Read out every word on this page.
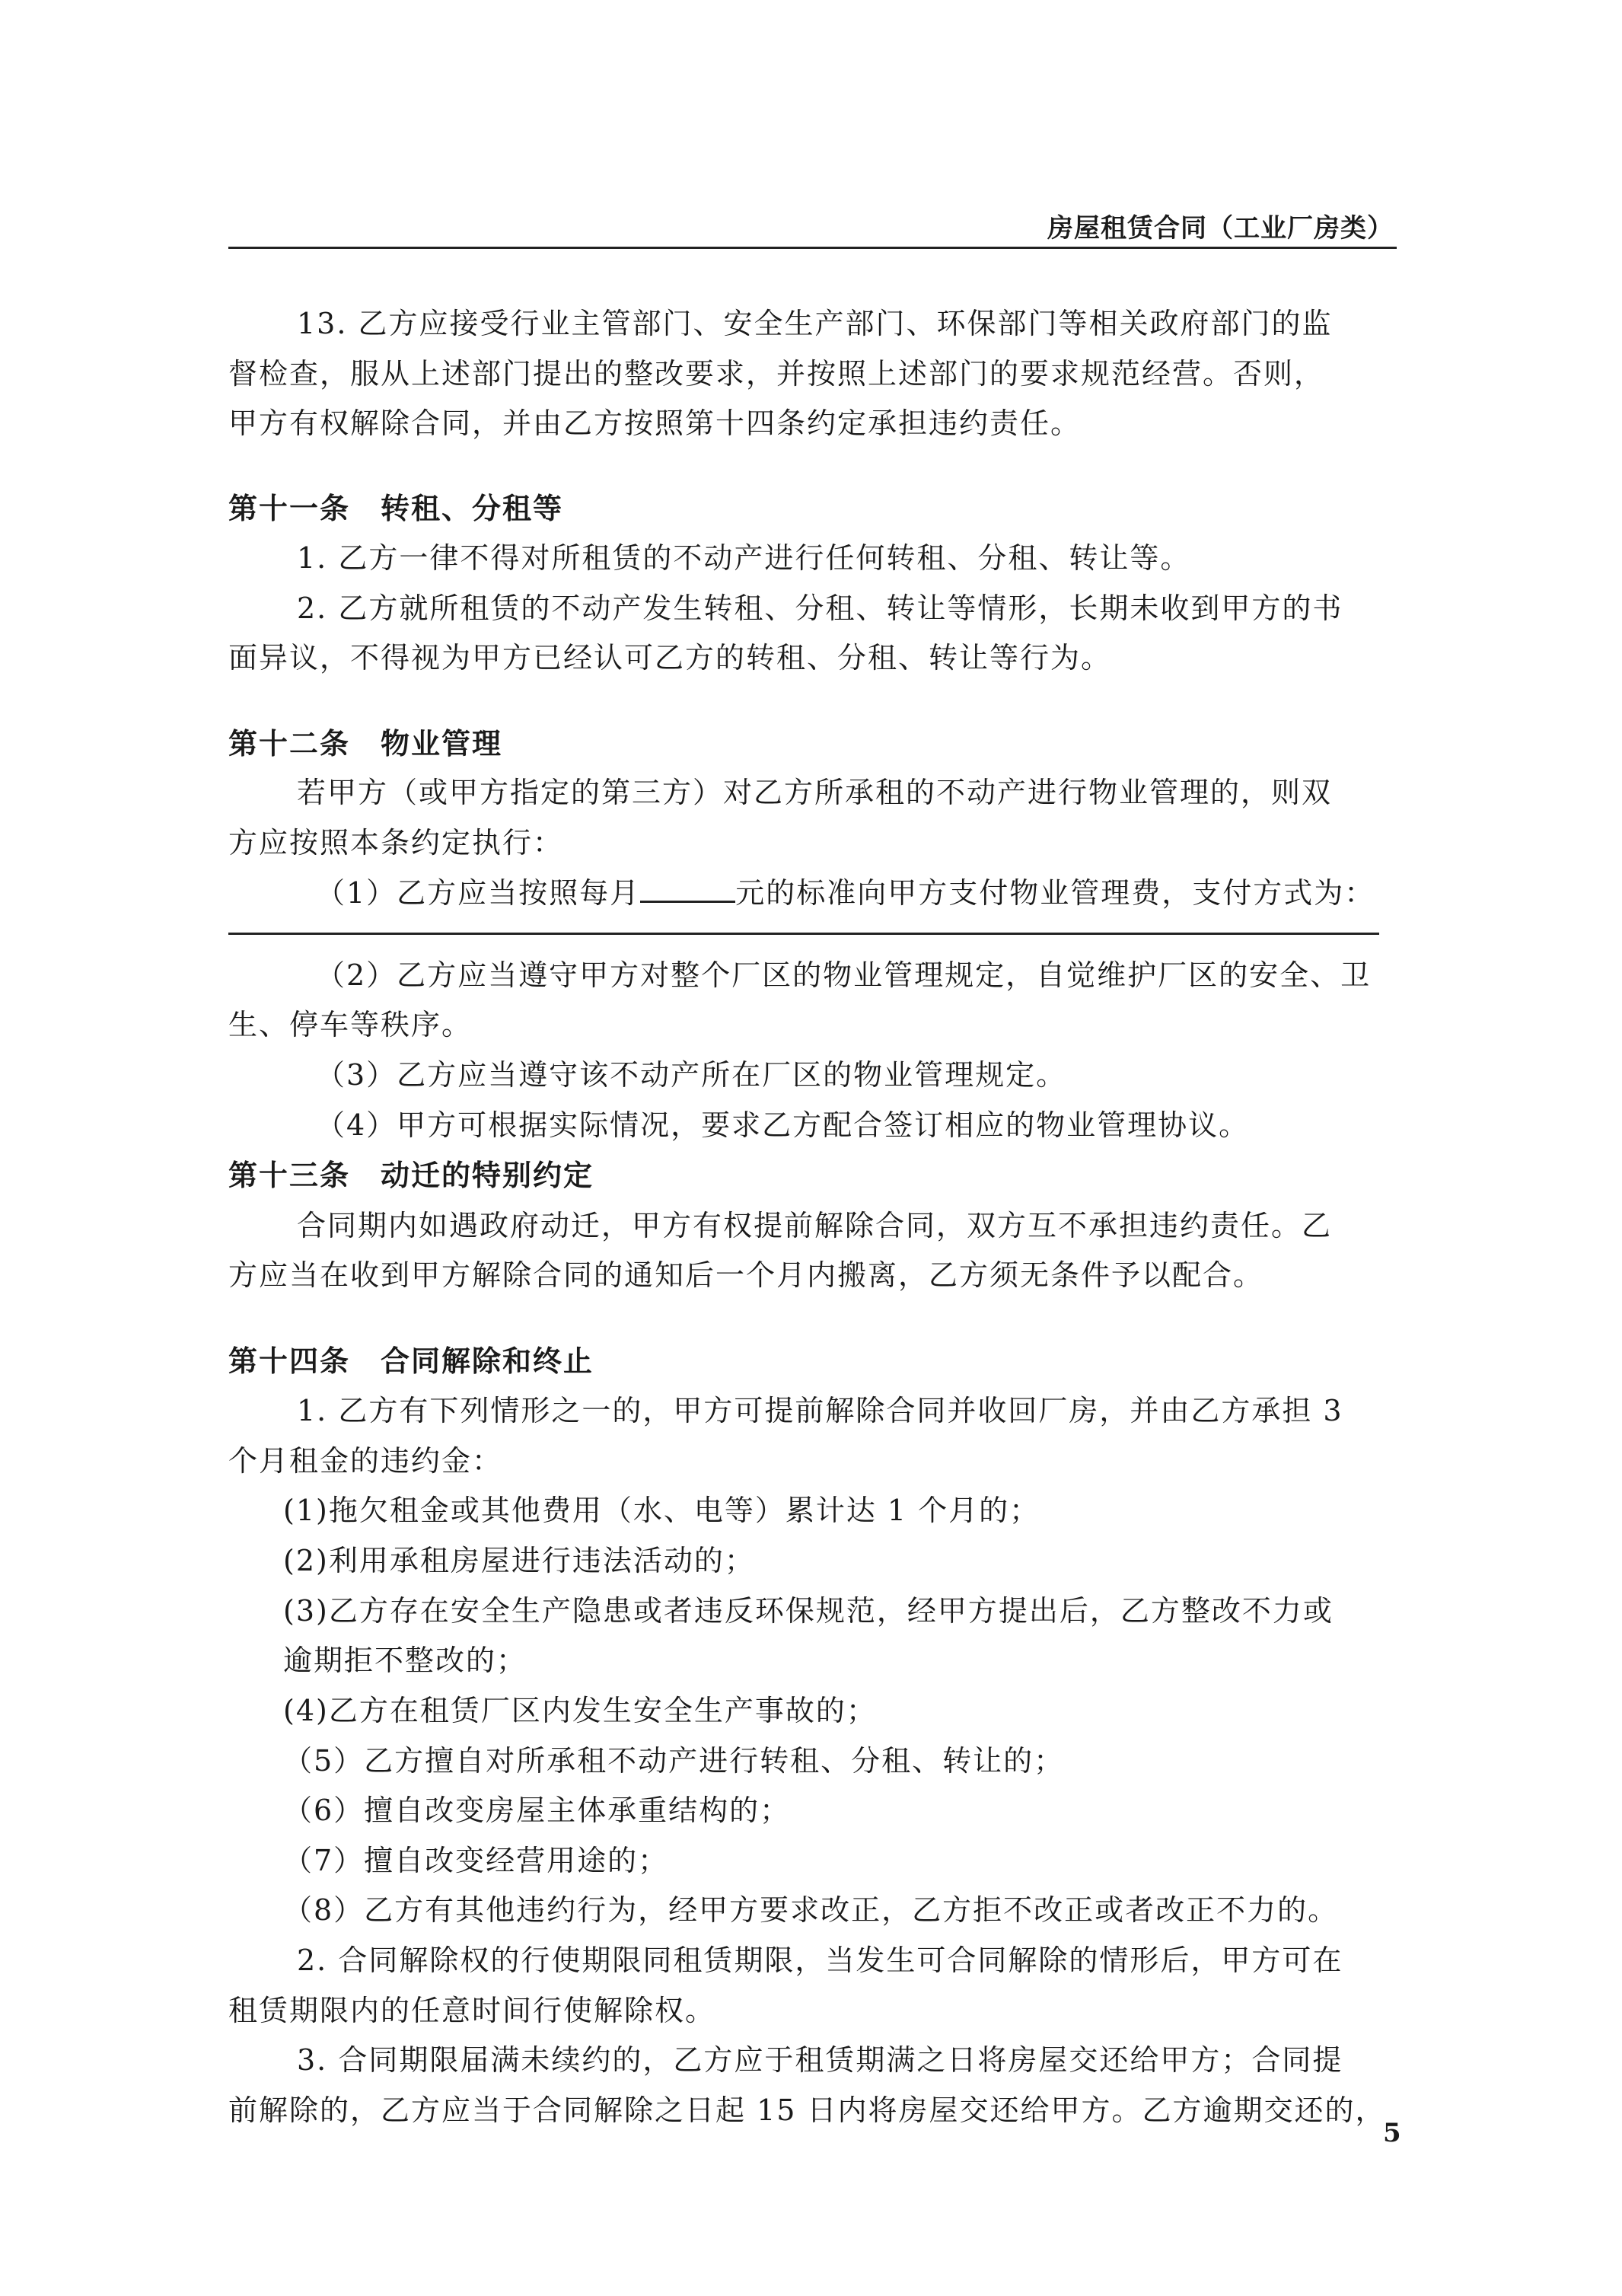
房屋租赁合同（工业厂房类）
13. 乙方应接受行业主管部门、安全生产部门、环保部门等相关政府部门的监
督检查，服从上述部门提出的整改要求，并按照上述部门的要求规范经营。否则，
甲方有权解除合同，并由乙方按照第十四条约定承担违约责任。
第十一条　转租、分租等
1. 乙方一律不得对所租赁的不动产进行任何转租、分租、转让等。
2. 乙方就所租赁的不动产发生转租、分租、转让等情形，长期未收到甲方的书
面异议，不得视为甲方已经认可乙方的转租、分租、转让等行为。
第十二条　物业管理
若甲方（或甲方指定的第三方）对乙方所承租的不动产进行物业管理的，则双
方应按照本条约定执行：
（1）乙方应当按照每月	元的标准向甲方支付物业管理费，支付方式为：
（2）乙方应当遵守甲方对整个厂区的物业管理规定，自觉维护厂区的安全、卫
生、停车等秩序。
（3）乙方应当遵守该不动产所在厂区的物业管理规定。
（4）甲方可根据实际情况，要求乙方配合签订相应的物业管理协议。
第十三条　动迁的特别约定
合同期内如遇政府动迁，甲方有权提前解除合同，双方互不承担违约责任。乙
方应当在收到甲方解除合同的通知后一个月内搬离，乙方须无条件予以配合。
第十四条　合同解除和终止
1. 乙方有下列情形之一的，甲方可提前解除合同并收回厂房，并由乙方承担 3
个月租金的违约金：
(1)拖欠租金或其他费用（水、电等）累计达 1 个月的；
(2)利用承租房屋进行违法活动的；
(3)乙方存在安全生产隐患或者违反环保规范，经甲方提出后，乙方整改不力或
逾期拒不整改的；
(4)乙方在租赁厂区内发生安全生产事故的；
（5）乙方擅自对所承租不动产进行转租、分租、转让的；
（6）擅自改变房屋主体承重结构的；
（7）擅自改变经营用途的；
（8）乙方有其他违约行为，经甲方要求改正，乙方拒不改正或者改正不力的。
2. 合同解除权的行使期限同租赁期限，当发生可合同解除的情形后，甲方可在
租赁期限内的任意时间行使解除权。
3. 合同期限届满未续约的，乙方应于租赁期满之日将房屋交还给甲方；合同提
前解除的，乙方应当于合同解除之日起 15 日内将房屋交还给甲方。乙方逾期交还的，
5
